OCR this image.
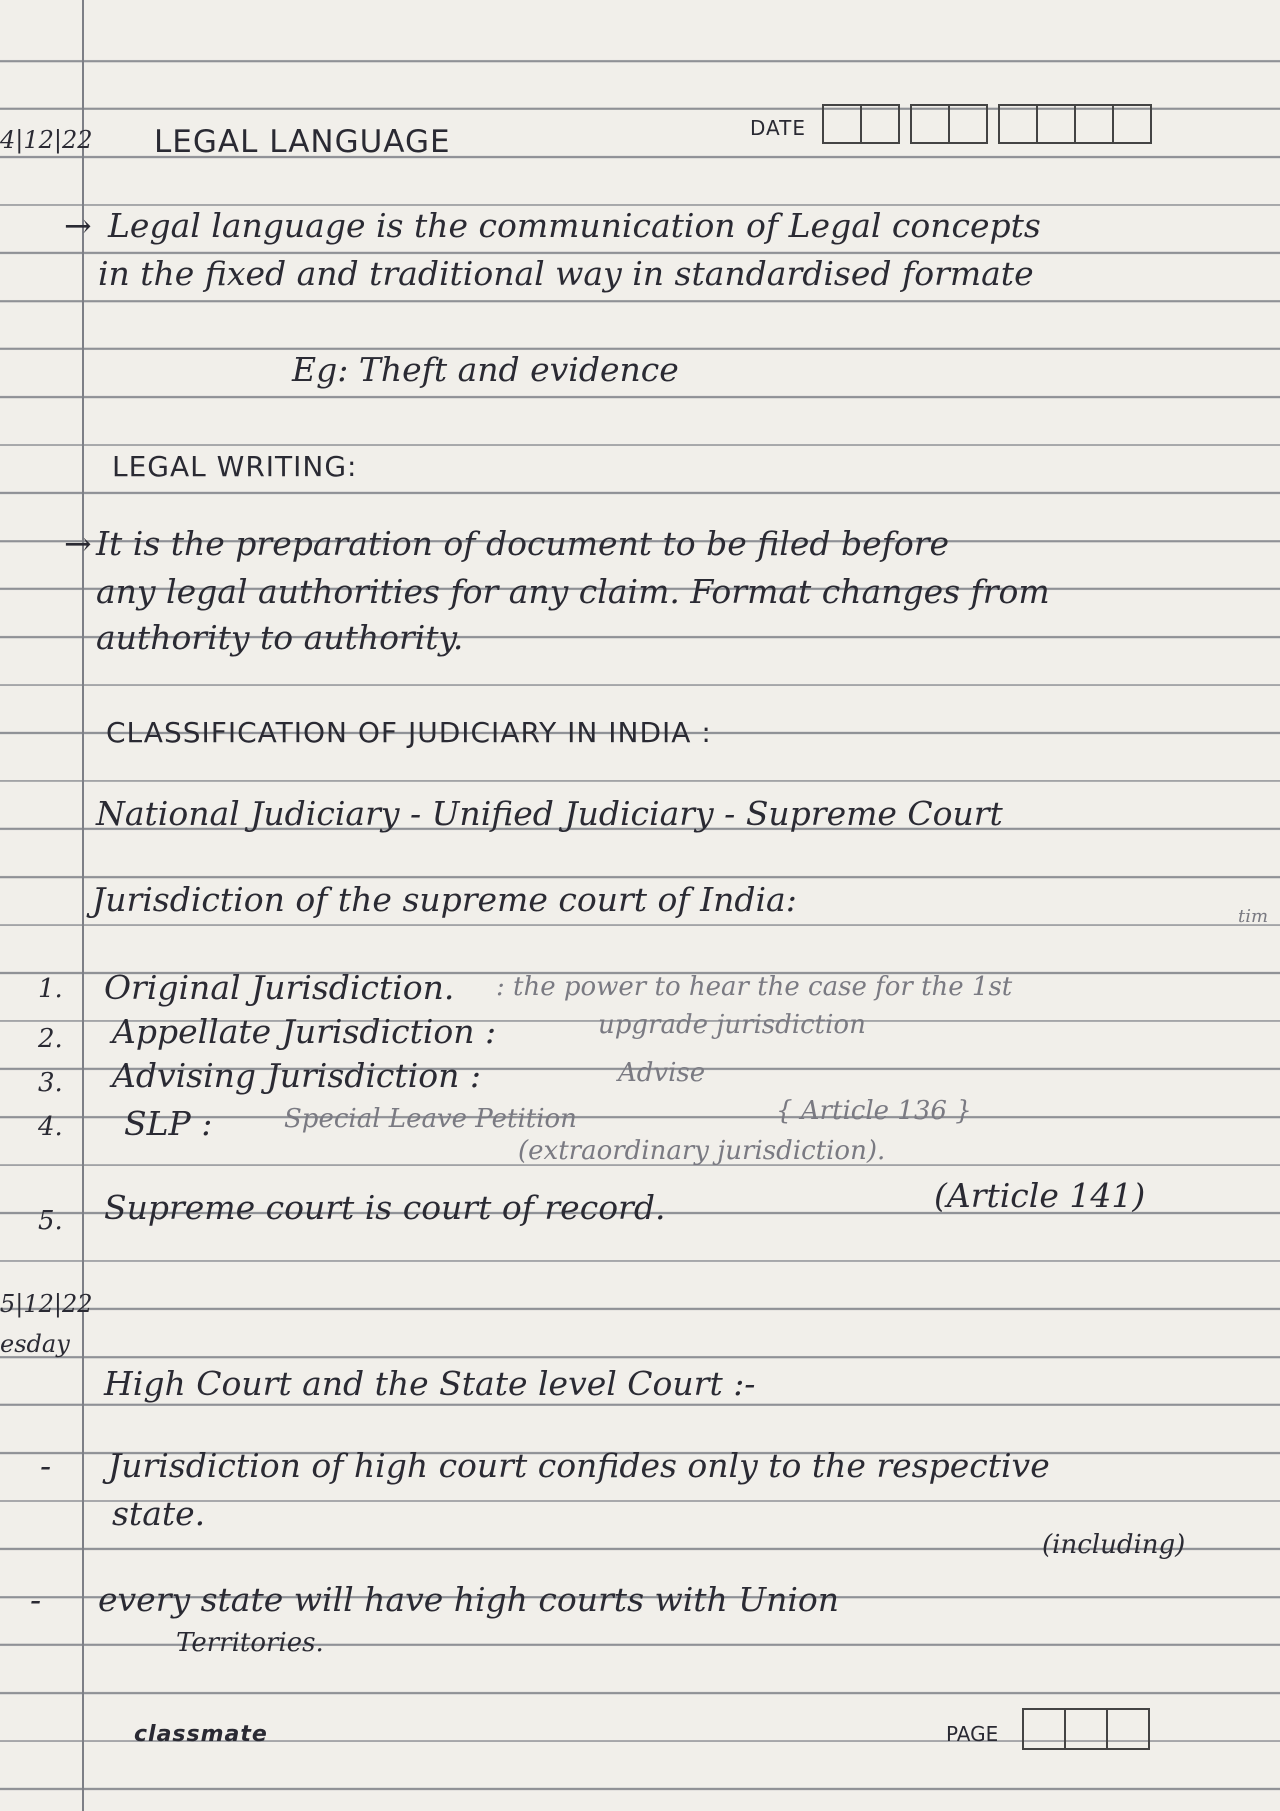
4|12|22 LEGAL LANGUAGE	DATE
→ Legal language is the communication of Legal concepts
in the fixed and traditional way in standardised formate
Eg: Theft and evidence
LEGAL WRITING:
→ It is the preparation of document to be filed before
any legal authorities for any claim. Format changes from
authority to authority.
CLASSIFICATION OF JUDICIARY IN INDIA :
National Judiciary - Unified Judiciary - Supreme Court
Jurisdiction of the supreme court of India:	tim
1. Original Jurisdiction. : the power to hear the case for the 1st
2. Appellate Jurisdiction :	upgrade jurisdiction
3. Advising Jurisdiction :	Advise
4. SLP :	Special Leave Petition	{ Article 136 }
(extraordinary jurisdiction).
5. Supreme court is court of record.	(Article 141)
5|12|22
esday
High Court and the State level Court :-
- Jurisdiction of high court confides only to the respective
state.
(including)
- every state will have high courts with Union
Territories.
classmate	PAGE
